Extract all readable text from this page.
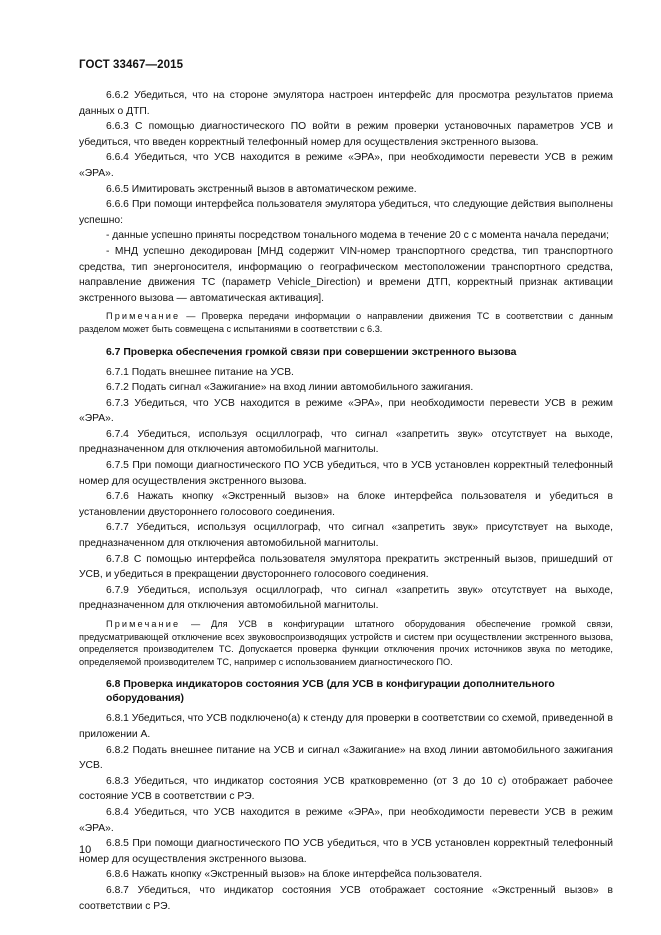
ГОСТ 33467—2015

6.6.2 Убедиться, что на стороне эмулятора настроен интерфейс для просмотра результатов приема данных о ДТП.

6.6.3 С помощью диагностического ПО войти в режим проверки установочных параметров УСВ и убедиться, что введен корректный телефонный номер для осуществления экстренного вызова.

6.6.4 Убедиться, что УСВ находится в режиме «ЭРА», при необходимости перевести УСВ в режим «ЭРА».

6.6.5 Имитировать экстренный вызов в автоматическом режиме.

6.6.6 При помощи интерфейса пользователя эмулятора убедиться, что следующие действия выполнены успешно:

- данные успешно приняты посредством тонального модема в течение 20 с с момента начала передачи;

- МНД успешно декодирован [МНД содержит VIN-номер транспортного средства, тип транспортного средства, тип энергоносителя, информацию о географическом местоположении транспортного средства, направление движения ТС (параметр Vehicle_Direction) и времени ДТП, корректный признак активации экстренного вызова — автоматическая активация].

Примечание — Проверка передачи информации о направлении движения ТС в соответствии с данным разделом может быть совмещена с испытаниями в соответствии с 6.3.

6.7 Проверка обеспечения громкой связи при совершении экстренного вызова

6.7.1 Подать внешнее питание на УСВ.

6.7.2 Подать сигнал «Зажигание» на вход линии автомобильного зажигания.

6.7.3 Убедиться, что УСВ находится в режиме «ЭРА», при необходимости перевести УСВ в режим «ЭРА».

6.7.4 Убедиться, используя осциллограф, что сигнал «запретить звук» отсутствует на выходе, предназначенном для отключения автомобильной магнитолы.

6.7.5 При помощи диагностического ПО УСВ убедиться, что в УСВ установлен корректный телефонный номер для осуществления экстренного вызова.

6.7.6 Нажать кнопку «Экстренный вызов» на блоке интерфейса пользователя и убедиться в установлении двустороннего голосового соединения.

6.7.7 Убедиться, используя осциллограф, что сигнал «запретить звук» присутствует на выходе, предназначенном для отключения автомобильной магнитолы.

6.7.8 С помощью интерфейса пользователя эмулятора прекратить экстренный вызов, пришедший от УСВ, и убедиться в прекращении двустороннего голосового соединения.

6.7.9 Убедиться, используя осциллограф, что сигнал «запретить звук» отсутствует на выходе, предназначенном для отключения автомобильной магнитолы.

Примечание — Для УСВ в конфигурации штатного оборудования обеспечение громкой связи, предусматривающей отключение всех звуковоспроизводящих устройств и систем при осуществлении экстренного вызова, определяется производителем ТС. Допускается проверка функции отключения прочих источников звука по методике, определяемой производителем ТС, например с использованием диагностического ПО.

6.8 Проверка индикаторов состояния УСВ (для УСВ в конфигурации дополнительного оборудования)

6.8.1 Убедиться, что УСВ подключено(а) к стенду для проверки в соответствии со схемой, приведенной в приложении А.

6.8.2 Подать внешнее питание на УСВ и сигнал «Зажигание» на вход линии автомобильного зажигания УСВ.

6.8.3 Убедиться, что индикатор состояния УСВ кратковременно (от 3 до 10 с) отображает рабочее состояние УСВ в соответствии с РЭ.

6.8.4 Убедиться, что УСВ находится в режиме «ЭРА», при необходимости перевести УСВ в режим «ЭРА».

6.8.5 При помощи диагностического ПО УСВ убедиться, что в УСВ установлен корректный телефонный номер для осуществления экстренного вызова.

6.8.6 Нажать кнопку «Экстренный вызов» на блоке интерфейса пользователя.

6.8.7 Убедиться, что индикатор состояния УСВ отображает состояние «Экстренный вызов» в соответствии с РЭ.

10
